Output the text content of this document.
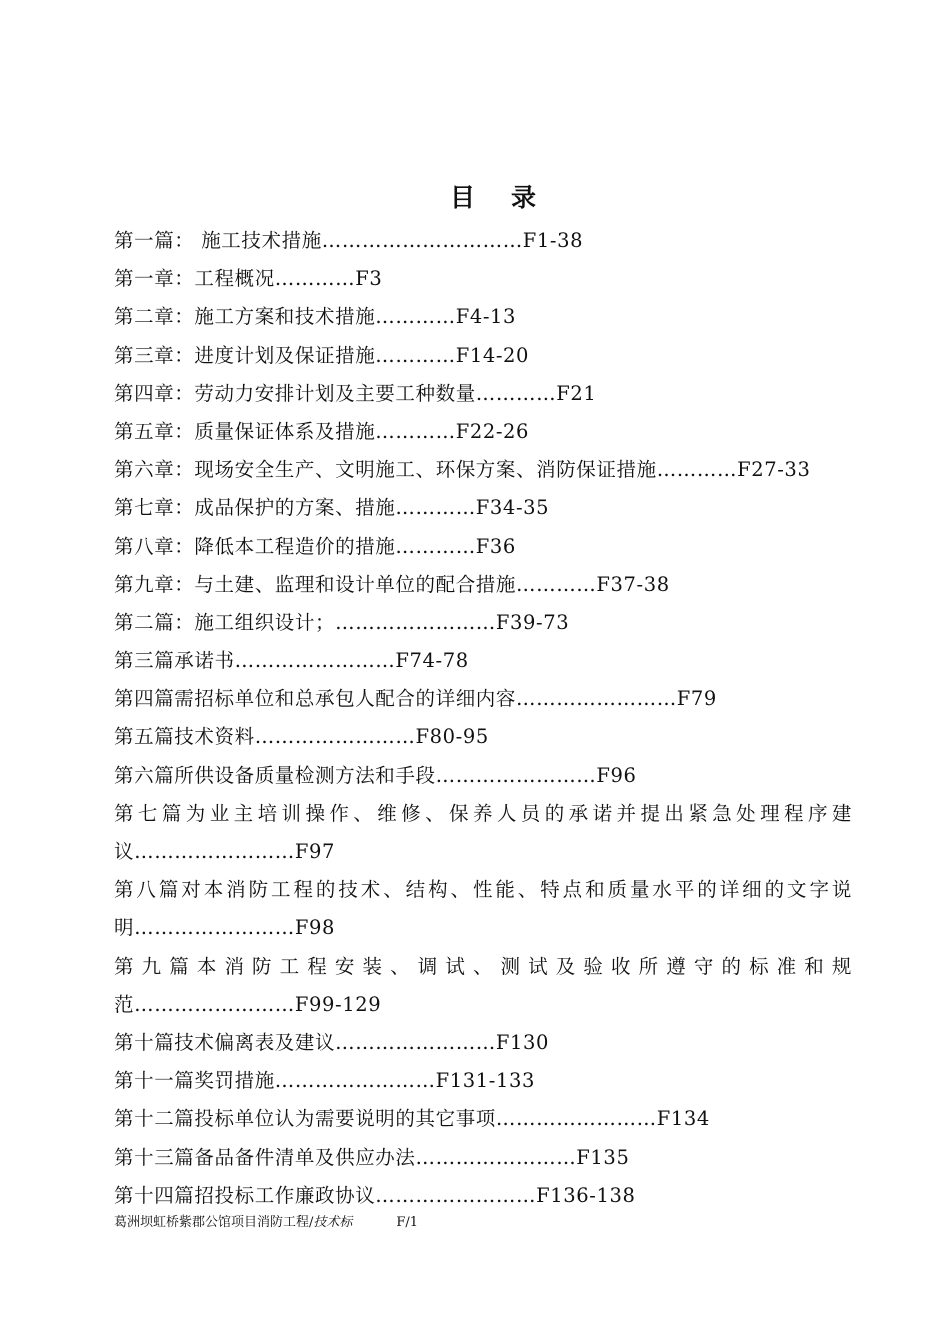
目录
第一篇： 施工技术措施…………………………F1-38
第一章：工程概况…………F3
第二章：施工方案和技术措施…………F4-13
第三章：进度计划及保证措施…………F14-20
第四章：劳动力安排计划及主要工种数量…………F21
第五章：质量保证体系及措施…………F22-26
第六章：现场安全生产、文明施工、环保方案、消防保证措施…………F27-33
第七章：成品保护的方案、措施…………F34-35
第八章：降低本工程造价的措施…………F36
第九章：与土建、监理和设计单位的配合措施…………F37-38
第二篇：施工组织设计；……………………F39-73
第三篇承诺书……………………F74-78
第四篇需招标单位和总承包人配合的详细内容……………………F79
第五篇技术资料……………………F80-95
第六篇所供设备质量检测方法和手段……………………F96
第七篇为业主培训操作、维修、保养人员的承诺并提出紧急处理程序建
议……………………F97
第八篇对本消防工程的技术、结构、性能、特点和质量水平的详细的文字说
明……………………F98
第九篇本消防工程安装、调试、测试及验收所遵守的标准和规
范……………………F99-129
第十篇技术偏离表及建议……………………F130
第十一篇奖罚措施……………………F131-133
第十二篇投标单位认为需要说明的其它事项……………………F134
第十三篇备品备件清单及供应办法……………………F135
第十四篇招投标工作廉政协议……………………F136-138
葛洲坝虹桥紫郡公馆项目消防工程/技术标	F/1
